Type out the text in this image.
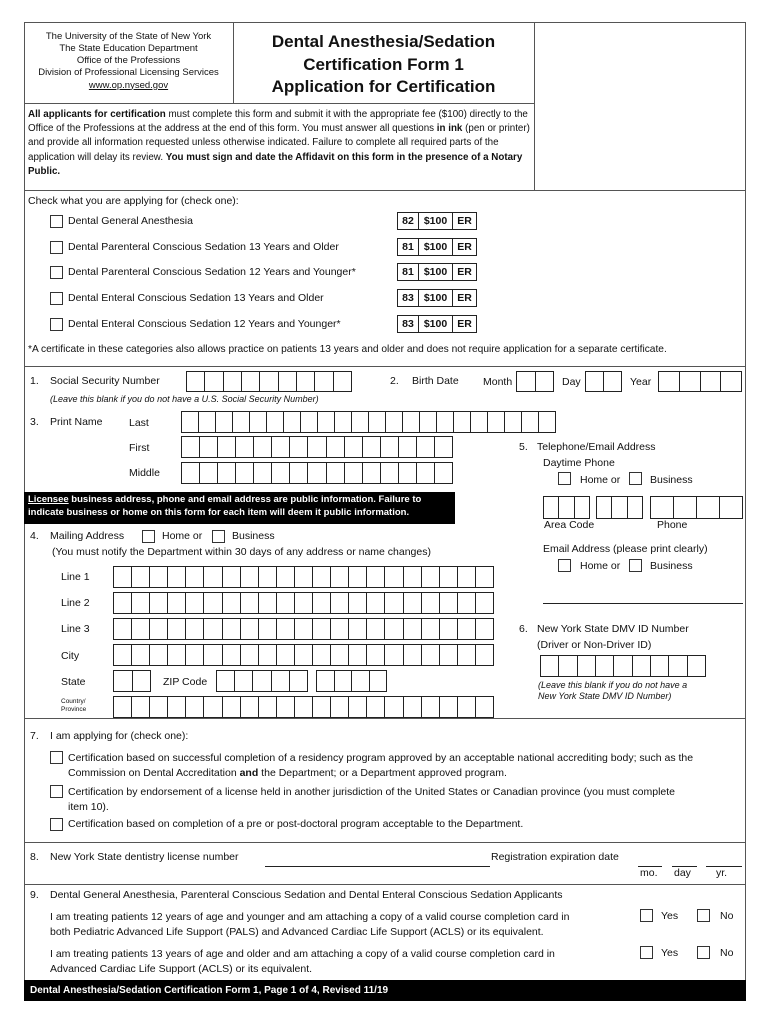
The University of the State of New York
The State Education Department
Office of the Professions
Division of Professional Licensing Services
www.op.nysed.gov
Dental Anesthesia/Sedation
Certification Form 1
Application for Certification

All applicants for certification must complete this form and submit it with the appropriate fee ($100) directly to the Office of the Professions at the address at the end of this form. You must answer all questions in ink (pen or printer) and provide all information requested unless otherwise indicated. Failure to complete all required parts of the application will delay its review. You must sign and date the Affidavit on this form in the presence of a Notary Public.

Check what you are applying for (check one):
Dental General Anesthesia	82 $100 ER
Dental Parenteral Conscious Sedation 13 Years and Older	81 $100 ER
Dental Parenteral Conscious Sedation 12 Years and Younger*	81 $100 ER
Dental Enteral Conscious Sedation 13 Years and Older	83 $100 ER
Dental Enteral Conscious Sedation 12 Years and Younger*	83 $100 ER
*A certificate in these categories also allows practice on patients 13 years and older and does not require application for a separate certificate.
1. Social Security Number
(Leave this blank if you do not have a U.S. Social Security Number)
2. Birth Date Month	Day	Year
3. Print Name	Last
First
Middle
Licensee business address, phone and email address are public information. Failure to indicate business or home on this form for each item will deem it public information.
4. Mailing Address	Home or	Business
(You must notify the Department within 30 days of any address or name changes)
Line 1
Line 2
Line 3
City
State	ZIP Code
Country/
Province
5. Telephone/Email Address
Daytime Phone
Home or	Business
Area Code	Phone
Email Address (please print clearly)
Home or	Business
6. New York State DMV ID Number
(Driver or Non-Driver ID)
(Leave this blank if you do not have a
New York State DMV ID Number)
7. I am applying for (check one):
Certification based on successful completion of a residency program approved by an acceptable national accrediting body; such as the
Commission on Dental Accreditation and the Department; or a Department approved program.
Certification by endorsement of a license held in another jurisdiction of the United States or Canadian province (you must complete
item 10).
Certification based on completion of a pre or post-doctoral program acceptable to the Department.
8. New York State dentistry license number	Registration expiration date
mo. day yr.
9. Dental General Anesthesia, Parenteral Conscious Sedation and Dental Enteral Conscious Sedation Applicants
I am treating patients 12 years of age and younger and am attaching a copy of a valid course completion card in
both Pediatric Advanced Life Support (PALS) and Advanced Cardiac Life Support (ACLS) or its equivalent.
Yes	No
I am treating patients 13 years of age and older and am attaching a copy of a valid course completion card in
Advanced Cardiac Life Support (ACLS) or its equivalent.
Yes	No
Dental Anesthesia/Sedation Certification Form 1, Page 1 of 4, Revised 11/19
